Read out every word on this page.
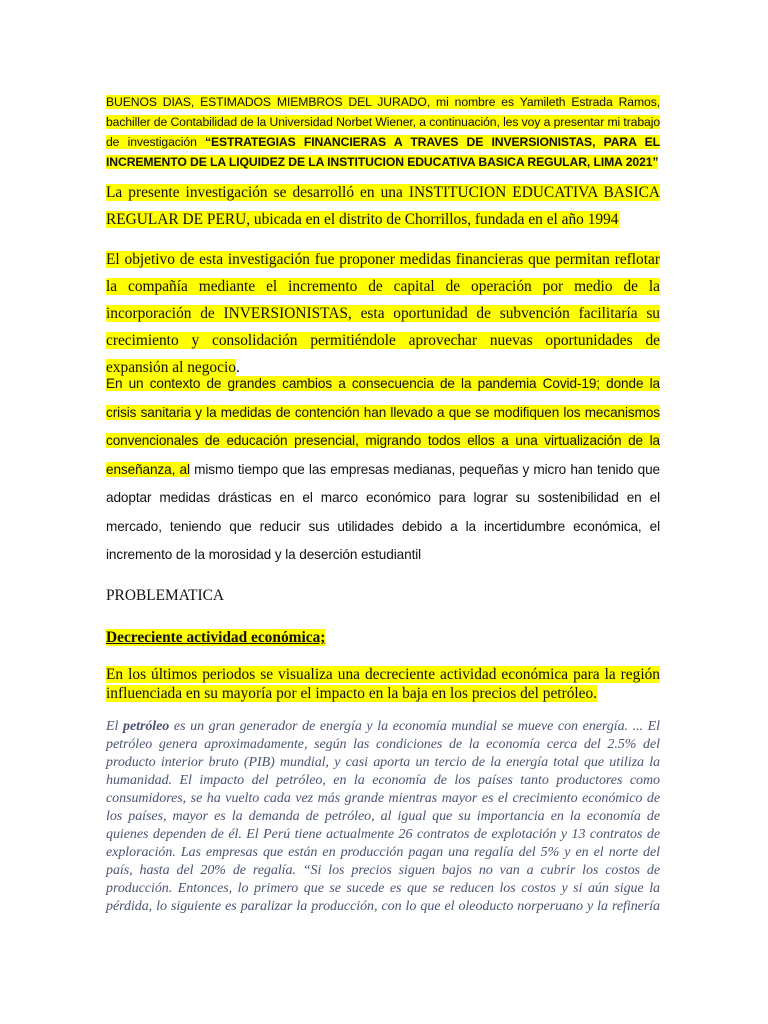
BUENOS DIAS, ESTIMADOS MIEMBROS DEL JURADO, mi nombre es Yamileth Estrada Ramos, bachiller de Contabilidad de la Universidad Norbet Wiener, a continuación, les voy a presentar mi trabajo de investigación “ESTRATEGIAS FINANCIERAS A TRAVES DE INVERSIONISTAS, PARA EL INCREMENTO DE LA LIQUIDEZ DE LA INSTITUCION EDUCATIVA BASICA REGULAR, LIMA 2021”

La presente investigación se desarrolló en una INSTITUCION EDUCATIVA BASICA REGULAR DE PERU, ubicada en el distrito de Chorrillos, fundada en el año 1994

El objetivo de esta investigación fue proponer medidas financieras que permitan reflotar la compañía mediante el incremento de capital de operación por medio de la incorporación de INVERSIONISTAS, esta oportunidad de subvención facilitaría su crecimiento y consolidación permitiéndole aprovechar nuevas oportunidades de expansión al negocio.

En un contexto de grandes cambios a consecuencia de la pandemia Covid-19; donde la crisis sanitaria y la medidas de contención han llevado a que se modifiquen los mecanismos convencionales de educación presencial, migrando todos ellos a una virtualización de la enseñanza, al mismo tiempo que las empresas medianas, pequeñas y micro han tenido que adoptar medidas drásticas en el marco económico para lograr su sostenibilidad en el mercado, teniendo que reducir sus utilidades debido a la incertidumbre económica, el incremento de la morosidad y la deserción estudiantil

PROBLEMATICA
Decreciente actividad económica;

En los últimos periodos se visualiza una decreciente actividad económica para la región influenciada en su mayoría por el impacto en la baja en los precios del petróleo.

El petróleo es un gran generador de energía y la economía mundial se mueve con energía. ... El petróleo genera aproximadamente, según las condiciones de la economía cerca del 2.5% del producto interior bruto (PIB) mundial, y casi aporta un tercio de la energía total que utiliza la humanidad. El impacto del petróleo, en la economía de los países tanto productores como consumidores, se ha vuelto cada vez más grande mientras mayor es el crecimiento económico de los países, mayor es la demanda de petróleo, al igual que su importancia en la economía de quienes dependen de él. El Perú tiene actualmente 26 contratos de explotación y 13 contratos de exploración. Las empresas que están en producción pagan una regalía del 5% y en el norte del país, hasta del 20% de regalía. “Si los precios siguen bajos no van a cubrir los costos de producción. Entonces, lo primero que se sucede es que se reducen los costos y si aún sigue la pérdida, lo siguiente es paralizar la producción, con lo que el oleoducto norperuano y la refinería
